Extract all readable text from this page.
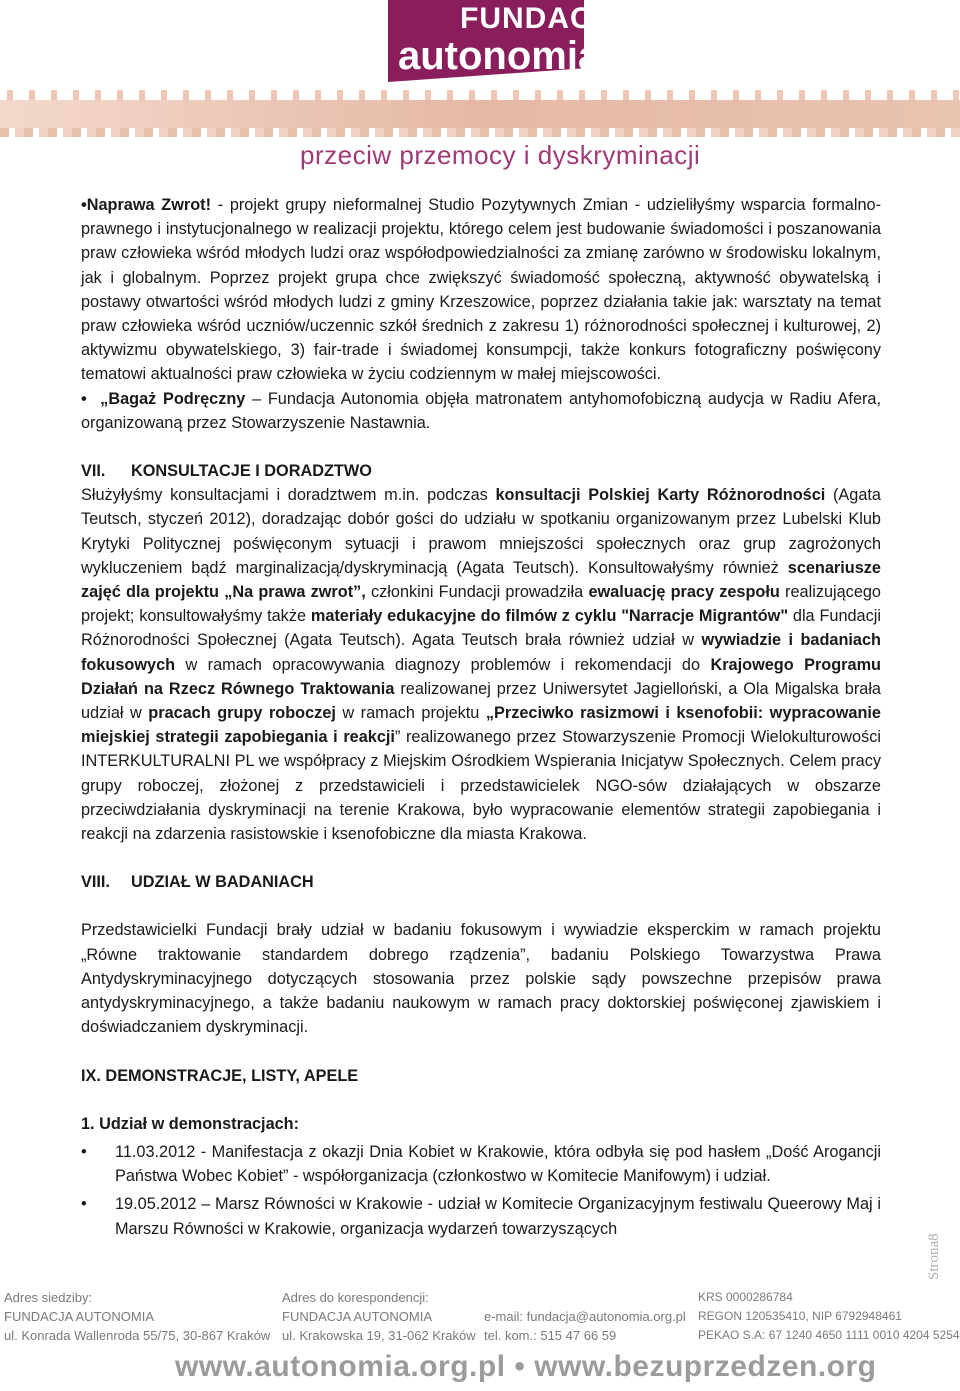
FUNDACJA
autonomia
przeciw przemocy i dyskryminacji

•Naprawa Zwrot! - projekt grupy nieformalnej Studio Pozytywnych Zmian - udzieliłyśmy wsparcia formalno-prawnego i instytucjonalnego w realizacji projektu, którego celem jest budowanie świadomości i poszanowania praw człowieka wśród młodych ludzi oraz współodpowiedzialności za zmianę zarówno w środowisku lokalnym, jak i globalnym. Poprzez projekt grupa chce zwiększyć świadomość społeczną, aktywność obywatelską i postawy otwartości wśród młodych ludzi z gminy Krzeszowice, poprzez działania takie jak: warsztaty na temat praw człowieka wśród uczniów/uczennic szkół średnich z zakresu 1) różnorodności społecznej i kulturowej, 2) aktywizmu obywatelskiego, 3) fair-trade i świadomej konsumpcji, także konkurs fotograficzny poświęcony tematowi aktualności praw człowieka w życiu codziennym w małej miejscowości.

• „Bagaż Podręczny – Fundacja Autonomia objęła matronatem antyhomofobiczną audycja w Radiu Afera, organizowaną przez Stowarzyszenie Nastawnia.

VII. KONSULTACJE I DORADZTWO

Służyłyśmy konsultacjami i doradztwem m.in. podczas konsultacji Polskiej Karty Różnorodności (Agata Teutsch, styczeń 2012), doradzając dobór gości do udziału w spotkaniu organizowanym przez Lubelski Klub Krytyki Politycznej poświęconym sytuacji i prawom mniejszości społecznych oraz grup zagrożonych wykluczeniem bądź marginalizacją/dyskryminacją (Agata Teutsch). Konsultowałyśmy również scenariusze zajęć dla projektu „Na prawa zwrot”, członkini Fundacji prowadziła ewaluację pracy zespołu realizującego projekt; konsultowałyśmy także materiały edukacyjne do filmów z cyklu "Narracje Migrantów" dla Fundacji Różnorodności Społecznej (Agata Teutsch). Agata Teutsch brała również udział w wywiadzie i badaniach fokusowych w ramach opracowywania diagnozy problemów i rekomendacji do Krajowego Programu Działań na Rzecz Równego Traktowania realizowanej przez Uniwersytet Jagielloński, a Ola Migalska brała udział w pracach grupy roboczej w ramach projektu „Przeciwko rasizmowi i ksenofobii: wypracowanie miejskiej strategii zapobiegania i reakcji” realizowanego przez Stowarzyszenie Promocji Wielokulturowości INTERKULTURALNI PL we współpracy z Miejskim Ośrodkiem Wspierania Inicjatyw Społecznych. Celem pracy grupy roboczej, złożonej z przedstawicieli i przedstawicielek NGO-sów działających w obszarze przeciwdziałania dyskryminacji na terenie Krakowa, było wypracowanie elementów strategii zapobiegania i reakcji na zdarzenia rasistowskie i ksenofobiczne dla miasta Krakowa.

VIII. UDZIAŁ W BADANIACH

Przedstawicielki Fundacji brały udział w badaniu fokusowym i wywiadzie eksperckim w ramach projektu „Równe traktowanie standardem dobrego rządzenia”, badaniu Polskiego Towarzystwa Prawa Antydyskryminacyjnego dotyczących stosowania przez polskie sądy powszechne przepisów prawa antydyskryminacyjnego, a także badaniu naukowym w ramach pracy doktorskiej poświęconej zjawiskiem i doświadczaniem dyskryminacji.

IX. DEMONSTRACJE, LISTY, APELE

1. Udział w demonstracjach:

•	11.03.2012 - Manifestacja z okazji Dnia Kobiet w Krakowie, która odbyła się pod hasłem „Dość Arogancji Państwa Wobec Kobiet” - współorganizacja (członkostwo w Komitecie Manifowym) i udział.
•	19.05.2012 – Marsz Równości w Krakowie - udział w Komitecie Organizacyjnym festiwalu Queerowy Maj i Marszu Równości w Krakowie, organizacja wydarzeń towarzyszących
Strona8
Adres siedziby:
FUNDACJA AUTONOMIA
ul. Konrada Wallenroda 55/75, 30-867 Kraków
Adres do korespondencji:
FUNDACJA AUTONOMIA
ul. Krakowska 19, 31-062 Kraków

e-mail: fundacja@autonomia.org.pl
tel. kom.: 515 47 66 59
KRS 0000286784
REGON 120535410, NIP 6792948461
PEKAO S.A: 67 1240 4650 1111 0010 4204 5254
www.autonomia.org.pl • www.bezuprzedzen.org
